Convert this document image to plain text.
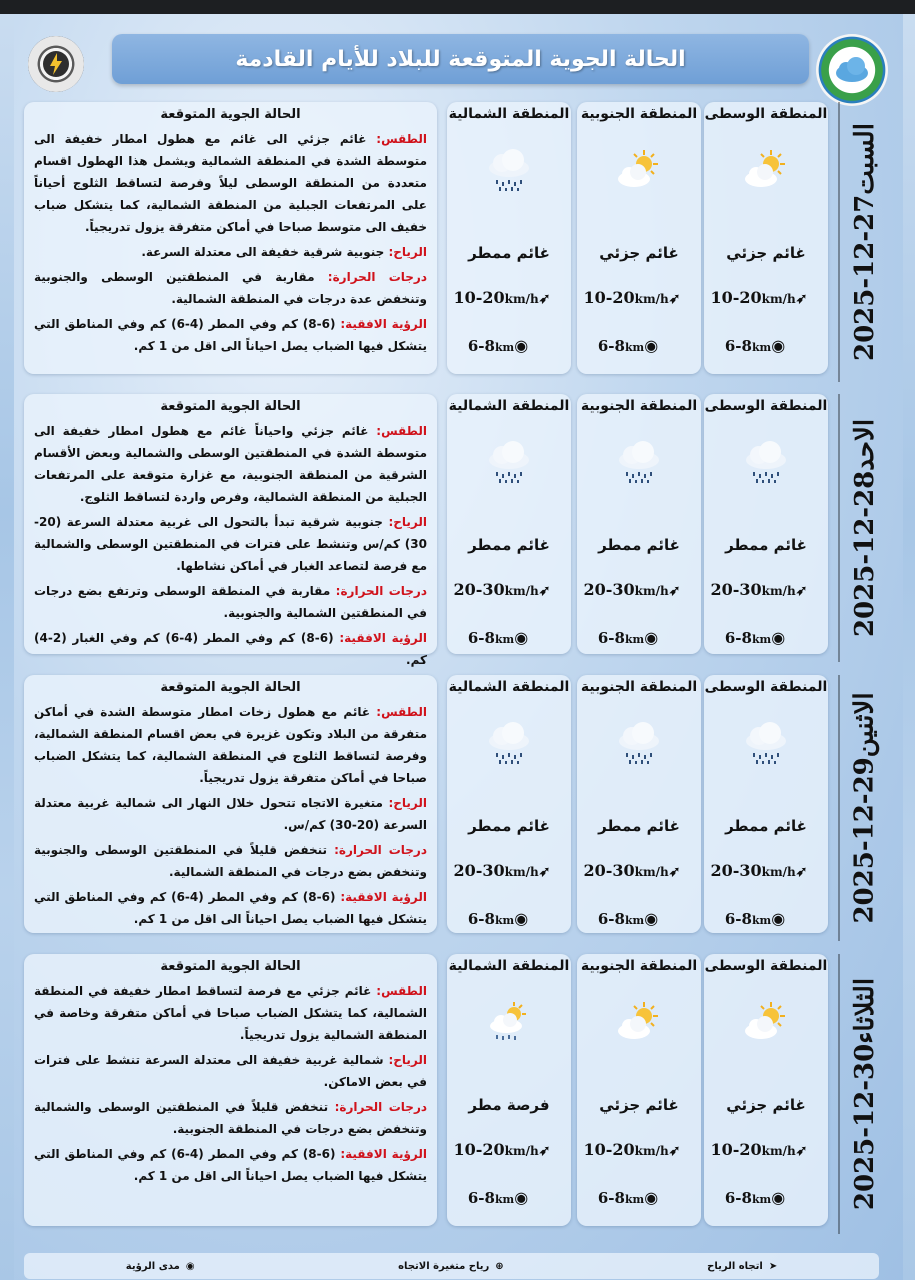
الحالة الجوية المتوقعة للبلاد للأيام القادمة
السبت2025-12-27
المنطقة الوسطى
غائم جزئي
10-20km/h➶
6-8km◉
المنطقة الجنوبية
غائم جزئي
10-20km/h➶
6-8km◉
المنطقة الشمالية
غائم ممطر
10-20km/h➶
6-8km◉
الحالة الجوية المتوقعة

الطقس: غائم جزئي الى غائم مع هطول امطار خفيفة الى متوسطة الشدة في المنطقة الشمالية ويشمل هذا الهطول اقسام متعددة من المنطقة الوسطى ليلاً وفرصة لتساقط الثلوج أحياناً على المرتفعات الجبلية من المنطقة الشمالية، كما يتشكل ضباب خفيف الى متوسط صباحا في أماكن متفرقة يزول تدريجياً.

الرياح: جنوبية شرقية خفيفة الى معتدلة السرعة.

درجات الحرارة: مقاربة في المنطقتين الوسطى والجنوبية وتنخفض عدة درجات في المنطقة الشمالية.

الرؤية الافقية: (6-8) كم وفي المطر (4-6) كم وفي المناطق التي يتشكل فيها الضباب يصل احياناً الى اقل من 1 كم.

الاحد2025-12-28
المنطقة الوسطى
غائم ممطر
20-30km/h➶
6-8km◉
المنطقة الجنوبية
غائم ممطر
20-30km/h➶
6-8km◉
المنطقة الشمالية
غائم ممطر
20-30km/h➶
6-8km◉
الحالة الجوية المتوقعة

الطقس: غائم جزئي واحياناً غائم مع هطول امطار خفيفة الى متوسطة الشدة في المنطقتين الوسطى والشمالية وبعض الأقسام الشرقية من المنطقة الجنوبية، مع غزارة متوقعة على المرتفعات الجبلية من المنطقة الشمالية، وفرص واردة لتساقط الثلوج.

الرياح: جنوبية شرقية تبدأ بالتحول الى غربية معتدلة السرعة (20-30) كم/س وتنشط على فترات في المنطقتين الوسطى والشمالية مع فرصة لتصاعد الغبار في أماكن نشاطها.

درجات الحرارة: مقاربة في المنطقة الوسطى وترتفع بضع درجات في المنطقتين الشمالية والجنوبية.

الرؤية الافقية: (6-8) كم وفي المطر (4-6) كم وفي الغبار (2-4) كم.

الاثنين2025-12-29
المنطقة الوسطى
غائم ممطر
20-30km/h➶
6-8km◉
المنطقة الجنوبية
غائم ممطر
20-30km/h➶
6-8km◉
المنطقة الشمالية
غائم ممطر
20-30km/h➶
6-8km◉
الحالة الجوية المتوقعة

الطقس: غائم مع هطول زخات امطار متوسطة الشدة في أماكن متفرقة من البلاد وتكون غزيرة في بعض اقسام المنطقة الشمالية، وفرصة لتساقط الثلوج في المنطقة الشمالية، كما يتشكل الضباب صباحا في أماكن متفرقة يزول تدريجياً.

الرياح: متغيرة الاتجاه تتحول خلال النهار الى شمالية غربية معتدلة السرعة (20-30) كم/س.

درجات الحرارة: تنخفض قليلاً في المنطقتين الوسطى والجنوبية وتنخفض بضع درجات في المنطقة الشمالية.

الرؤية الافقية: (6-8) كم وفي المطر (4-6) كم وفي المناطق التي يتشكل فيها الضباب يصل احياناً الى اقل من 1 كم.

الثلاثاء2025-12-30
المنطقة الوسطى
غائم جزئي
10-20km/h➶
6-8km◉
المنطقة الجنوبية
غائم جزئي
10-20km/h➶
6-8km◉
المنطقة الشمالية
فرصة مطر
10-20km/h➶
6-8km◉
الحالة الجوية المتوقعة

الطقس: غائم جزئي مع فرصة لتساقط امطار خفيفة في المنطقة الشمالية، كما يتشكل الضباب صباحا في أماكن متفرقة وخاصة في المنطقة الشمالية يزول تدريجياً.

الرياح: شمالية غربية خفيفة الى معتدلة السرعة تنشط على فترات في بعض الاماكن.

درجات الحرارة: تنخفض قليلاً في المنطقتين الوسطى والشمالية وتنخفض بضع درجات في المنطقة الجنوبية.

الرؤية الافقية: (6-8) كم وفي المطر (4-6) كم وفي المناطق التي يتشكل فيها الضباب يصل احياناً الى اقل من 1 كم.

➤اتجاه الرياح
⊕رياح متغيرة الاتجاه
◉مدى الرؤية
